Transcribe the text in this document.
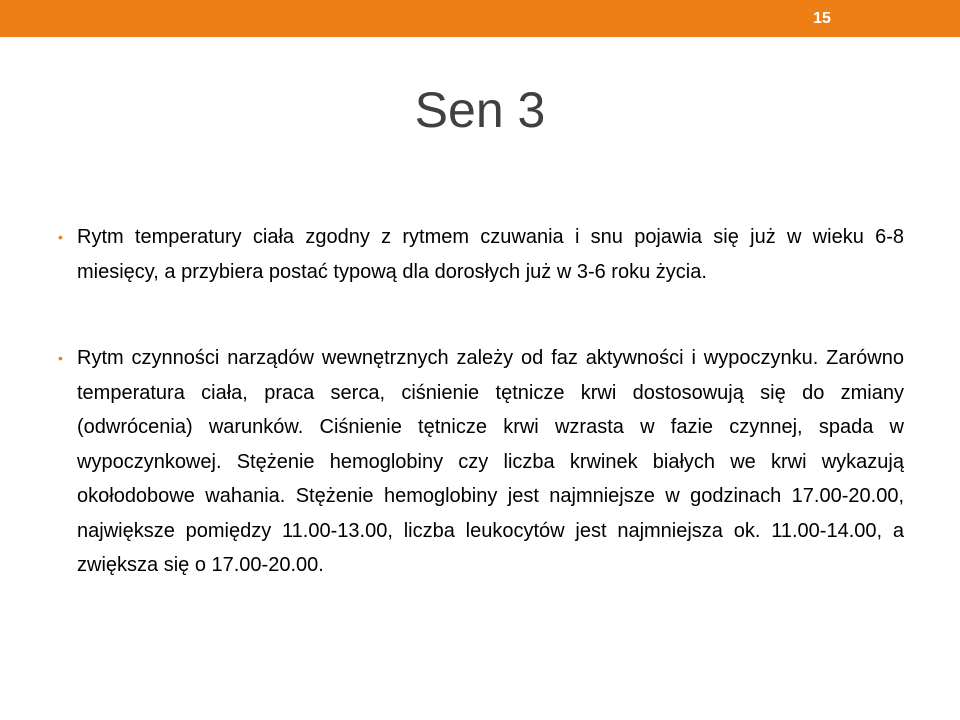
15
Sen 3

• Rytm temperatury ciała zgodny z rytmem czuwania i snu pojawia się już w wieku 6-8 miesięcy, a przybiera postać typową dla dorosłych już w 3-6 roku życia.

• Rytm czynności narządów wewnętrznych zależy od faz aktywności i wypoczynku. Zarówno temperatura ciała, praca serca, ciśnienie tętnicze krwi dostosowują się do zmiany (odwrócenia) warunków. Ciśnienie tętnicze krwi wzrasta w fazie czynnej, spada w wypoczynkowej. Stężenie hemoglobiny czy liczba krwinek białych we krwi wykazują okołodobowe wahania. Stężenie hemoglobiny jest najmniejsze w godzinach 17.00-20.00, największe pomiędzy 11.00-13.00, liczba leukocytów jest najmniejsza ok. 11.00-14.00, a zwiększa się o 17.00-20.00.
